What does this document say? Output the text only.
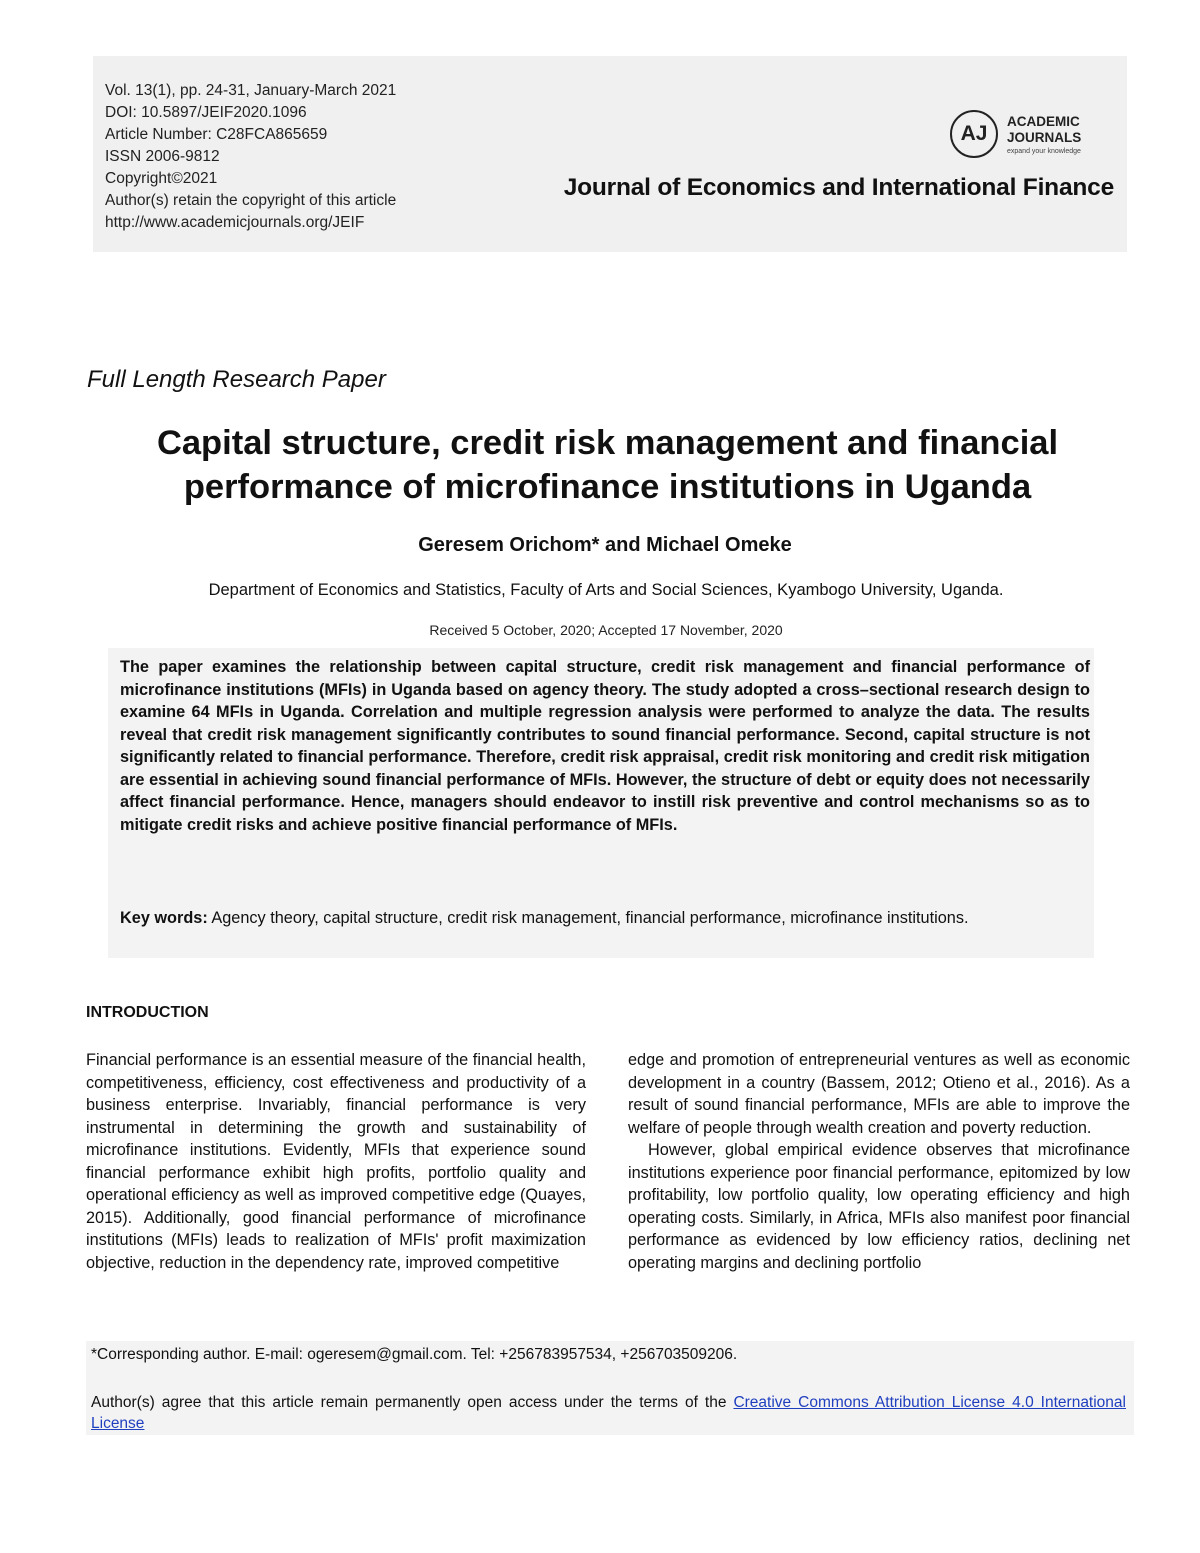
Vol. 13(1), pp. 24-31, January-March 2021
DOI: 10.5897/JEIF2020.1096
Article Number: C28FCA865659
ISSN 2006-9812
Copyright©2021
Author(s) retain the copyright of this article
http://www.academicjournals.org/JEIF
AJ
ACADEMIC
JOURNALS
expand your knowledge
Journal of Economics and International Finance
Full Length Research Paper
Capital structure, credit risk management and financial performance of microfinance institutions in Uganda
Geresem Orichom* and Michael Omeke
Department of Economics and Statistics, Faculty of Arts and Social Sciences, Kyambogo University, Uganda.
Received 5 October, 2020; Accepted 17 November, 2020
The paper examines the relationship between capital structure, credit risk management and financial performance of microfinance institutions (MFIs) in Uganda based on agency theory. The study adopted a cross–sectional research design to examine 64 MFIs in Uganda. Correlation and multiple regression analysis were performed to analyze the data. The results reveal that credit risk management significantly contributes to sound financial performance. Second, capital structure is not significantly related to financial performance. Therefore, credit risk appraisal, credit risk monitoring and credit risk mitigation are essential in achieving sound financial performance of MFIs. However, the structure of debt or equity does not necessarily affect financial performance. Hence, managers should endeavor to instill risk preventive and control mechanisms so as to mitigate credit risks and achieve positive financial performance of MFIs.
Key words: Agency theory, capital structure, credit risk management, financial performance, microfinance institutions.
INTRODUCTION

Financial performance is an essential measure of the financial health, competitiveness, efficiency, cost effectiveness and productivity of a business enterprise. Invariably, financial performance is very instrumental in determining the growth and sustainability of microfinance institutions. Evidently, MFIs that experience sound financial performance exhibit high profits, portfolio quality and operational efficiency as well as improved competitive edge (Quayes, 2015). Additionally, good financial performance of microfinance institutions (MFIs) leads to realization of MFIs' profit maximization objective, reduction in the dependency rate, improved competitive

edge and promotion of entrepreneurial ventures as well as economic development in a country (Bassem, 2012; Otieno et al., 2016). As a result of sound financial performance, MFIs are able to improve the welfare of people through wealth creation and poverty reduction.

However, global empirical evidence observes that microfinance institutions experience poor financial performance, epitomized by low profitability, low portfolio quality, low operating efficiency and high operating costs. Similarly, in Africa, MFIs also manifest poor financial performance as evidenced by low efficiency ratios, declining net operating margins and declining portfolio

*Corresponding author. E-mail: ogeresem@gmail.com. Tel: +256783957534, +256703509206.
Author(s) agree that this article remain permanently open access under the terms of the Creative Commons Attribution License 4.0 International License
